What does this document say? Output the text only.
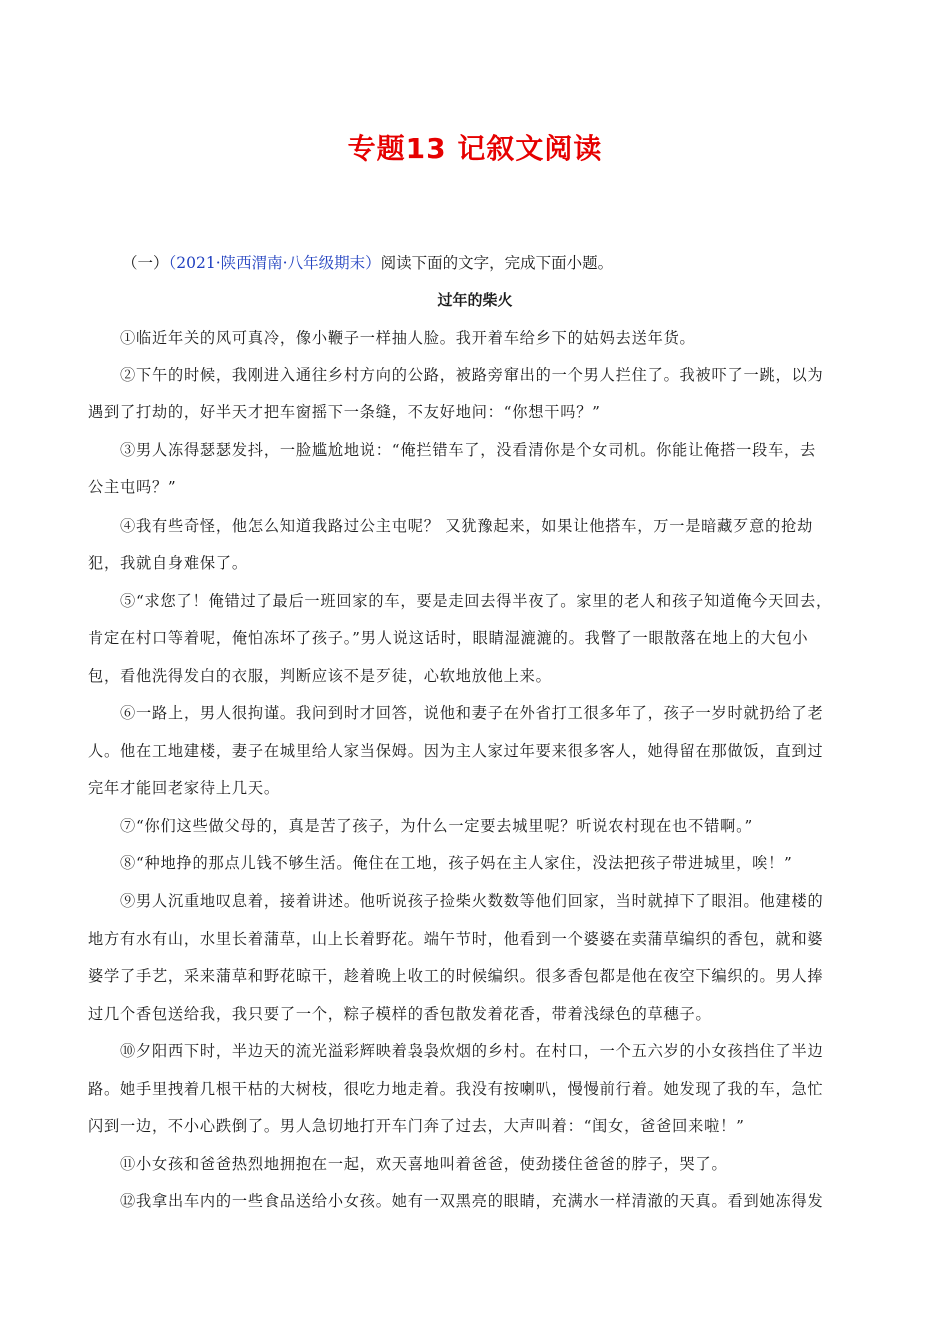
专题13 记叙文阅读
（一）（2021·陕西渭南·八年级期末）阅读下面的文字，完成下面小题。
过年的柴火
①临近年关的风可真冷，像小鞭子一样抽人脸。我开着车给乡下的姑妈去送年货。
②下午的时候，我刚进入通往乡村方向的公路，被路旁窜出的一个男人拦住了。我被吓了一跳，以为
遇到了打劫的，好半天才把车窗摇下一条缝，不友好地问：“你想干吗？”
③男人冻得瑟瑟发抖，一脸尴尬地说：“俺拦错车了，没看清你是个女司机。你能让俺搭一段车，去
公主屯吗？”
④我有些奇怪，他怎么知道我路过公主屯呢？ 又犹豫起来，如果让他搭车，万一是暗藏歹意的抢劫
犯，我就自身难保了。
⑤“求您了！俺错过了最后一班回家的车，要是走回去得半夜了。家里的老人和孩子知道俺今天回去，
肯定在村口等着呢，俺怕冻坏了孩子。”男人说这话时，眼睛湿漉漉的。我瞥了一眼散落在地上的大包小
包，看他洗得发白的衣服，判断应该不是歹徒，心软地放他上来。
⑥一路上，男人很拘谨。我问到时才回答，说他和妻子在外省打工很多年了，孩子一岁时就扔给了老
人。他在工地建楼，妻子在城里给人家当保姆。因为主人家过年要来很多客人，她得留在那做饭，直到过
完年才能回老家待上几天。
⑦“你们这些做父母的，真是苦了孩子，为什么一定要去城里呢？听说农村现在也不错啊。”
⑧“种地挣的那点儿钱不够生活。俺住在工地，孩子妈在主人家住，没法把孩子带进城里，唉！”
⑨男人沉重地叹息着，接着讲述。他听说孩子捡柴火数数等他们回家，当时就掉下了眼泪。他建楼的
地方有水有山，水里长着蒲草，山上长着野花。端午节时，他看到一个婆婆在卖蒲草编织的香包，就和婆
婆学了手艺，采来蒲草和野花晾干，趁着晚上收工的时候编织。很多香包都是他在夜空下编织的。男人捧
过几个香包送给我，我只要了一个，粽子模样的香包散发着花香，带着浅绿色的草穗子。
⑩夕阳西下时，半边天的流光溢彩辉映着袅袅炊烟的乡村。在村口，一个五六岁的小女孩挡住了半边
路。她手里拽着几根干枯的大树枝，很吃力地走着。我没有按喇叭，慢慢前行着。她发现了我的车，急忙
闪到一边，不小心跌倒了。男人急切地打开车门奔了过去，大声叫着：“闺女，爸爸回来啦！”
⑪小女孩和爸爸热烈地拥抱在一起，欢天喜地叫着爸爸，使劲搂住爸爸的脖子，哭了。
⑫我拿出车内的一些食品送给小女孩。她有一双黑亮的眼睛，充满水一样清澈的天真。看到她冻得发
